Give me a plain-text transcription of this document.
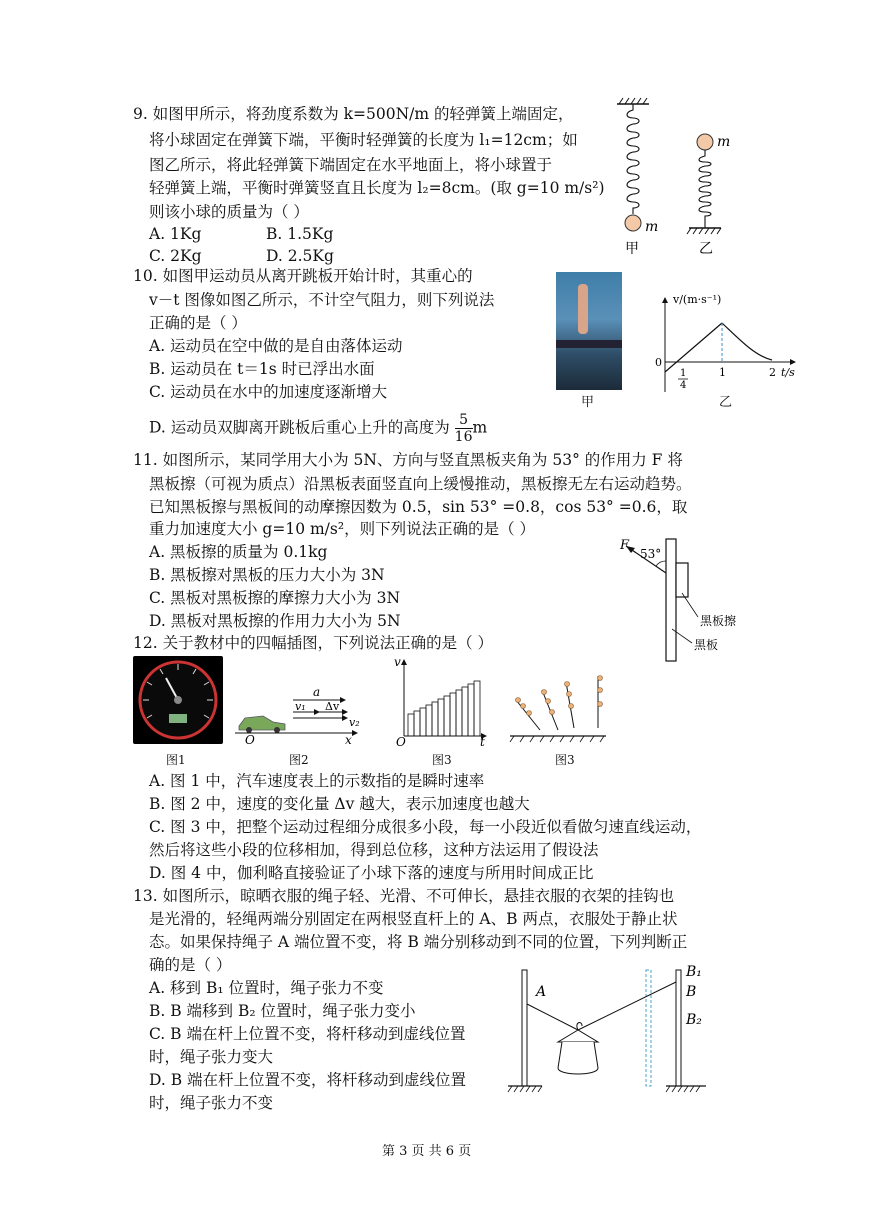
9. 如图甲所示，将劲度系数为 k=500N/m 的轻弹簧上端固定，
将小球固定在弹簧下端，平衡时轻弹簧的长度为 l₁=12cm；如
图乙所示，将此轻弹簧下端固定在水平地面上，将小球置于
轻弹簧上端，平衡时弹簧竖直且长度为 l₂=8cm。(取 g=10 m/s²)
则该小球的质量为（ ）
A. 1Kg	B. 1.5Kg
C. 2Kg	D. 2.5Kg
m
甲
m
乙
10. 如图甲运动员从离开跳板开始计时，其重心的
v－t 图像如图乙所示，不计空气阻力，则下列说法
正确的是（ ）
A. 运动员在空中做的是自由落体运动
B. 运动员在 t＝1s 时已浮出水面
C. 运动员在水中的加速度逐渐增大
D. 运动员双脚离开跳板后重心上升的高度为 $\frac{5}{16}$ m
甲
v/(m·s⁻¹)
t/s
0
1
4
1	2
乙
11. 如图所示，某同学用大小为 5N、方向与竖直黑板夹角为 53° 的作用力 F 将
黑板擦（可视为质点）沿黑板表面竖直向上缓慢推动，黑板擦无左右运动趋势。
已知黑板擦与黑板间的动摩擦因数为 0.5，sin 53° =0.8，cos 53° =0.6，取
重力加速度大小 g=10 m/s²，则下列说法正确的是（ ）
A. 黑板擦的质量为 0.1kg
B. 黑板擦对黑板的压力大小为 3N
C. 黑板对黑板擦的摩擦力大小为 3N
D. 黑板对黑板擦的作用力大小为 5N
F
53°
黑板擦
黑板
12. 关于教材中的四幅插图，下列说法正确的是（ ）
a
v₁ Δv
v₂
O	x
v
O	t
图1	图2	图3	图3
A. 图 1 中，汽车速度表上的示数指的是瞬时速率
B. 图 2 中，速度的变化量 Δv 越大，表示加速度也越大
C. 图 3 中，把整个运动过程细分成很多小段，每一小段近似看做匀速直线运动，
然后将这些小段的位移相加，得到总位移，这种方法运用了假设法
D. 图 4 中，伽利略直接验证了小球下落的速度与所用时间成正比
13. 如图所示，晾晒衣服的绳子轻、光滑、不可伸长，悬挂衣服的衣架的挂钩也
是光滑的，轻绳两端分别固定在两根竖直杆上的 A、B 两点，衣服处于静止状
态。如果保持绳子 A 端位置不变，将 B 端分别移动到不同的位置，下列判断正
确的是（ ）
A. 移到 B₁ 位置时，绳子张力不变
B. B 端移到 B₂ 位置时，绳子张力变小
C. B 端在杆上位置不变，将杆移动到虚线位置
时，绳子张力变大
D. B 端在杆上位置不变，将杆移动到虚线位置
时，绳子张力不变
A
B₁
B
B₂
第 3 页 共 6 页
